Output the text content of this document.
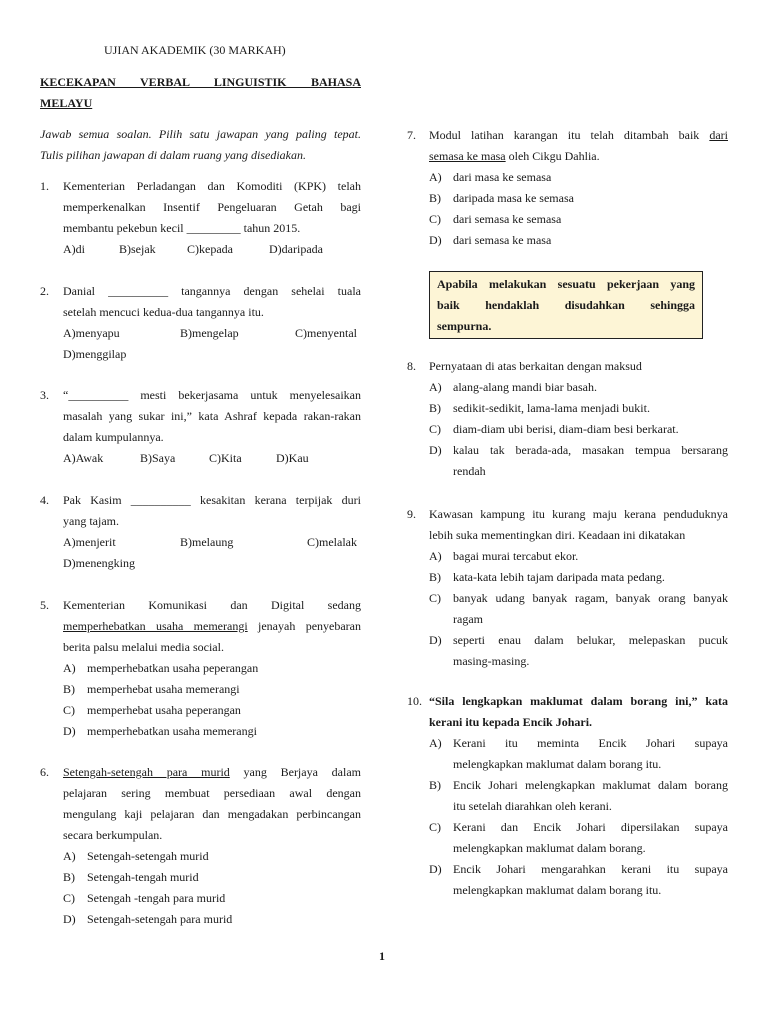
UJIAN AKADEMIK (30 MARKAH)
KECEKAPAN VERBAL LINGUISTIK BAHASA
MELAYU
Jawab semua soalan. Pilih satu jawapan yang paling tepat.
Tulis pilihan jawapan di dalam ruang yang disediakan.
1. Kementerian Perladangan dan Komoditi (KPK) telah
memperkenalkan Insentif Pengeluaran Getah bagi
membantu pekebun kecil _________ tahun 2015.
A)di	B)sejak	C)kepada	D)daripada
2. Danial __________ tangannya dengan sehelai tuala
setelah mencuci kedua-dua tangannya itu.
A)menyapu	B)mengelap	C)menyental
D)menggilap
3. “__________ mesti bekerjasama untuk menyelesaikan
masalah yang sukar ini,” kata Ashraf kepada rakan-rakan
dalam kumpulannya.
A)Awak	B)Saya	C)Kita	D)Kau
4. Pak Kasim __________ kesakitan kerana terpijak duri
yang tajam.
A)menjerit	B)melaung	C)melalak
D)menengking
5. Kementerian Komunikasi dan Digital sedang
memperhebatkan usaha memerangi jenayah penyebaran
berita palsu melalui media social.
A) memperhebatkan usaha peperangan
B) memperhebat usaha memerangi
C) memperhebat usaha peperangan
D) memperhebatkan usaha memerangi
6. Setengah-setengah para murid yang Berjaya dalam
pelajaran sering membuat persediaan awal dengan
mengulang kaji pelajaran dan mengadakan perbincangan
secara berkumpulan.
A) Setengah-setengah murid
B) Setengah-tengah murid
C) Setengah -tengah para murid
D) Setengah-setengah para murid
7. Modul latihan karangan itu telah ditambah baik dari
semasa ke masa oleh Cikgu Dahlia.
A) dari masa ke semasa
B) daripada masa ke semasa
C) dari semasa ke semasa
D) dari semasa ke masa
Apabila melakukan sesuatu pekerjaan yang
baik hendaklah disudahkan sehingga
sempurna.
8. Pernyataan di atas berkaitan dengan maksud
A) alang-alang mandi biar basah.
B) sedikit-sedikit, lama-lama menjadi bukit.
C) diam-diam ubi berisi, diam-diam besi berkarat.
D) kalau tak berada-ada, masakan tempua bersarang
rendah
9. Kawasan kampung itu kurang maju kerana penduduknya
lebih suka mementingkan diri. Keadaan ini dikatakan
A) bagai murai tercabut ekor.
B) kata-kata lebih tajam daripada mata pedang.
C) banyak udang banyak ragam, banyak orang banyak
ragam
D) seperti enau dalam belukar, melepaskan pucuk
masing-masing.
10. “Sila lengkapkan maklumat dalam borang ini,” kata
kerani itu kepada Encik Johari.
A) Kerani itu meminta Encik Johari supaya
melengkapkan maklumat dalam borang itu.
B) Encik Johari melengkapkan maklumat dalam borang
itu setelah diarahkan oleh kerani.
C) Kerani dan Encik Johari dipersilakan supaya
melengkapkan maklumat dalam borang.
D) Encik Johari mengarahkan kerani itu supaya
melengkapkan maklumat dalam borang itu.
1
